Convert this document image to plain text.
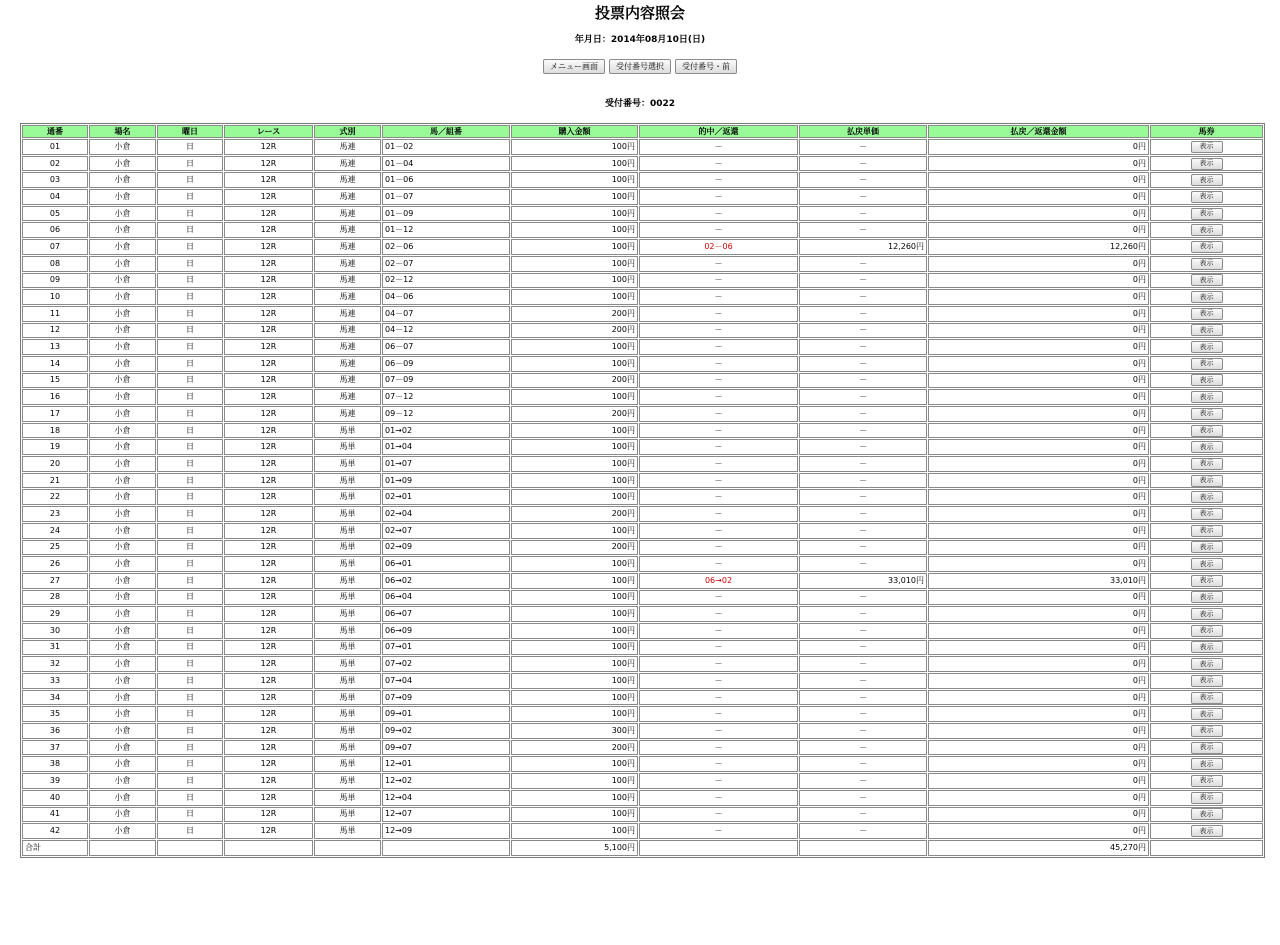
投票内容照会
年月日：2014年08月10日(日)
メニュー画面 受付番号選択 受付番号・前
受付番号：0022
通番	場名	曜日	レース	式別	馬／組番	購入金額	的中／返還	払戻単価	払戻／返還金額	馬券
01	小倉	日	12R	馬連	01－02	100円	－	－	0円	表示
02	小倉	日	12R	馬連	01－04	100円	－	－	0円	表示
03	小倉	日	12R	馬連	01－06	100円	－	－	0円	表示
04	小倉	日	12R	馬連	01－07	100円	－	－	0円	表示
05	小倉	日	12R	馬連	01－09	100円	－	－	0円	表示
06	小倉	日	12R	馬連	01－12	100円	－	－	0円	表示
07	小倉	日	12R	馬連	02－06	100円	02－06	12,260円	12,260円	表示
08	小倉	日	12R	馬連	02－07	100円	－	－	0円	表示
09	小倉	日	12R	馬連	02－12	100円	－	－	0円	表示
10	小倉	日	12R	馬連	04－06	100円	－	－	0円	表示
11	小倉	日	12R	馬連	04－07	200円	－	－	0円	表示
12	小倉	日	12R	馬連	04－12	200円	－	－	0円	表示
13	小倉	日	12R	馬連	06－07	100円	－	－	0円	表示
14	小倉	日	12R	馬連	06－09	100円	－	－	0円	表示
15	小倉	日	12R	馬連	07－09	200円	－	－	0円	表示
16	小倉	日	12R	馬連	07－12	100円	－	－	0円	表示
17	小倉	日	12R	馬連	09－12	200円	－	－	0円	表示
18	小倉	日	12R	馬単	01→02	100円	－	－	0円	表示
19	小倉	日	12R	馬単	01→04	100円	－	－	0円	表示
20	小倉	日	12R	馬単	01→07	100円	－	－	0円	表示
21	小倉	日	12R	馬単	01→09	100円	－	－	0円	表示
22	小倉	日	12R	馬単	02→01	100円	－	－	0円	表示
23	小倉	日	12R	馬単	02→04	200円	－	－	0円	表示
24	小倉	日	12R	馬単	02→07	100円	－	－	0円	表示
25	小倉	日	12R	馬単	02→09	200円	－	－	0円	表示
26	小倉	日	12R	馬単	06→01	100円	－	－	0円	表示
27	小倉	日	12R	馬単	06→02	100円	06→02	33,010円	33,010円	表示
28	小倉	日	12R	馬単	06→04	100円	－	－	0円	表示
29	小倉	日	12R	馬単	06→07	100円	－	－	0円	表示
30	小倉	日	12R	馬単	06→09	100円	－	－	0円	表示
31	小倉	日	12R	馬単	07→01	100円	－	－	0円	表示
32	小倉	日	12R	馬単	07→02	100円	－	－	0円	表示
33	小倉	日	12R	馬単	07→04	100円	－	－	0円	表示
34	小倉	日	12R	馬単	07→09	100円	－	－	0円	表示
35	小倉	日	12R	馬単	09→01	100円	－	－	0円	表示
36	小倉	日	12R	馬単	09→02	300円	－	－	0円	表示
37	小倉	日	12R	馬単	09→07	200円	－	－	0円	表示
38	小倉	日	12R	馬単	12→01	100円	－	－	0円	表示
39	小倉	日	12R	馬単	12→02	100円	－	－	0円	表示
40	小倉	日	12R	馬単	12→04	100円	－	－	0円	表示
41	小倉	日	12R	馬単	12→07	100円	－	－	0円	表示
42	小倉	日	12R	馬単	12→09	100円	－	－	0円	表示
合計						5,100円			45,270円	
